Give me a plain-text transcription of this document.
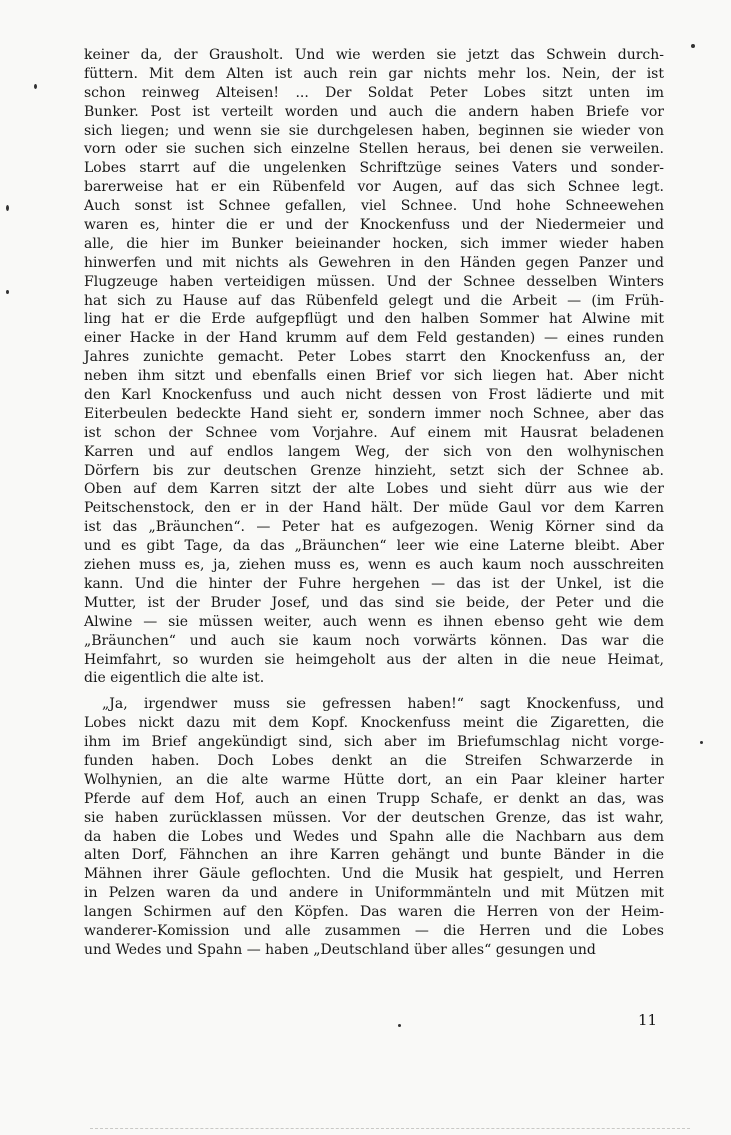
keiner da, der Grausholt. Und wie werden sie jetzt das Schwein durch-
füttern. Mit dem Alten ist auch rein gar nichts mehr los. Nein, der ist
schon reinweg Alteisen! ... Der Soldat Peter Lobes sitzt unten im
Bunker. Post ist verteilt worden und auch die andern haben Briefe vor
sich liegen; und wenn sie sie durchgelesen haben, beginnen sie wieder von
vorn oder sie suchen sich einzelne Stellen heraus, bei denen sie verweilen.
Lobes starrt auf die ungelenken Schriftzüge seines Vaters und sonder-
barerweise hat er ein Rübenfeld vor Augen, auf das sich Schnee legt.
Auch sonst ist Schnee gefallen, viel Schnee. Und hohe Schneewehen
waren es, hinter die er und der Knockenfuss und der Niedermeier und
alle, die hier im Bunker beieinander hocken, sich immer wieder haben
hinwerfen und mit nichts als Gewehren in den Händen gegen Panzer und
Flugzeuge haben verteidigen müssen. Und der Schnee desselben Winters
hat sich zu Hause auf das Rübenfeld gelegt und die Arbeit — (im Früh-
ling hat er die Erde aufgepflügt und den halben Sommer hat Alwine mit
einer Hacke in der Hand krumm auf dem Feld gestanden) — eines runden
Jahres zunichte gemacht. Peter Lobes starrt den Knockenfuss an, der
neben ihm sitzt und ebenfalls einen Brief vor sich liegen hat. Aber nicht
den Karl Knockenfuss und auch nicht dessen von Frost lädierte und mit
Eiterbeulen bedeckte Hand sieht er, sondern immer noch Schnee, aber das
ist schon der Schnee vom Vorjahre. Auf einem mit Hausrat beladenen
Karren und auf endlos langem Weg, der sich von den wolhynischen
Dörfern bis zur deutschen Grenze hinzieht, setzt sich der Schnee ab.
Oben auf dem Karren sitzt der alte Lobes und sieht dürr aus wie der
Peitschenstock, den er in der Hand hält. Der müde Gaul vor dem Karren
ist das „Bräunchen“. — Peter hat es aufgezogen. Wenig Körner sind da
und es gibt Tage, da das „Bräunchen“ leer wie eine Laterne bleibt. Aber
ziehen muss es, ja, ziehen muss es, wenn es auch kaum noch ausschreiten
kann. Und die hinter der Fuhre hergehen — das ist der Unkel, ist die
Mutter, ist der Bruder Josef, und das sind sie beide, der Peter und die
Alwine — sie müssen weiter, auch wenn es ihnen ebenso geht wie dem
„Bräunchen“ und auch sie kaum noch vorwärts können. Das war die
Heimfahrt, so wurden sie heimgeholt aus der alten in die neue Heimat,
die eigentlich die alte ist.
„Ja, irgendwer muss sie gefressen haben!“ sagt Knockenfuss, und
Lobes nickt dazu mit dem Kopf. Knockenfuss meint die Zigaretten, die
ihm im Brief angekündigt sind, sich aber im Briefumschlag nicht vorge-
funden haben. Doch Lobes denkt an die Streifen Schwarzerde in
Wolhynien, an die alte warme Hütte dort, an ein Paar kleiner harter
Pferde auf dem Hof, auch an einen Trupp Schafe, er denkt an das, was
sie haben zurücklassen müssen. Vor der deutschen Grenze, das ist wahr,
da haben die Lobes und Wedes und Spahn alle die Nachbarn aus dem
alten Dorf, Fähnchen an ihre Karren gehängt und bunte Bänder in die
Mähnen ihrer Gäule geflochten. Und die Musik hat gespielt, und Herren
in Pelzen waren da und andere in Uniformmänteln und mit Mützen mit
langen Schirmen auf den Köpfen. Das waren die Herren von der Heim-
wanderer-Komission und alle zusammen — die Herren und die Lobes
und Wedes und Spahn — haben „Deutschland über alles“ gesungen und
11
